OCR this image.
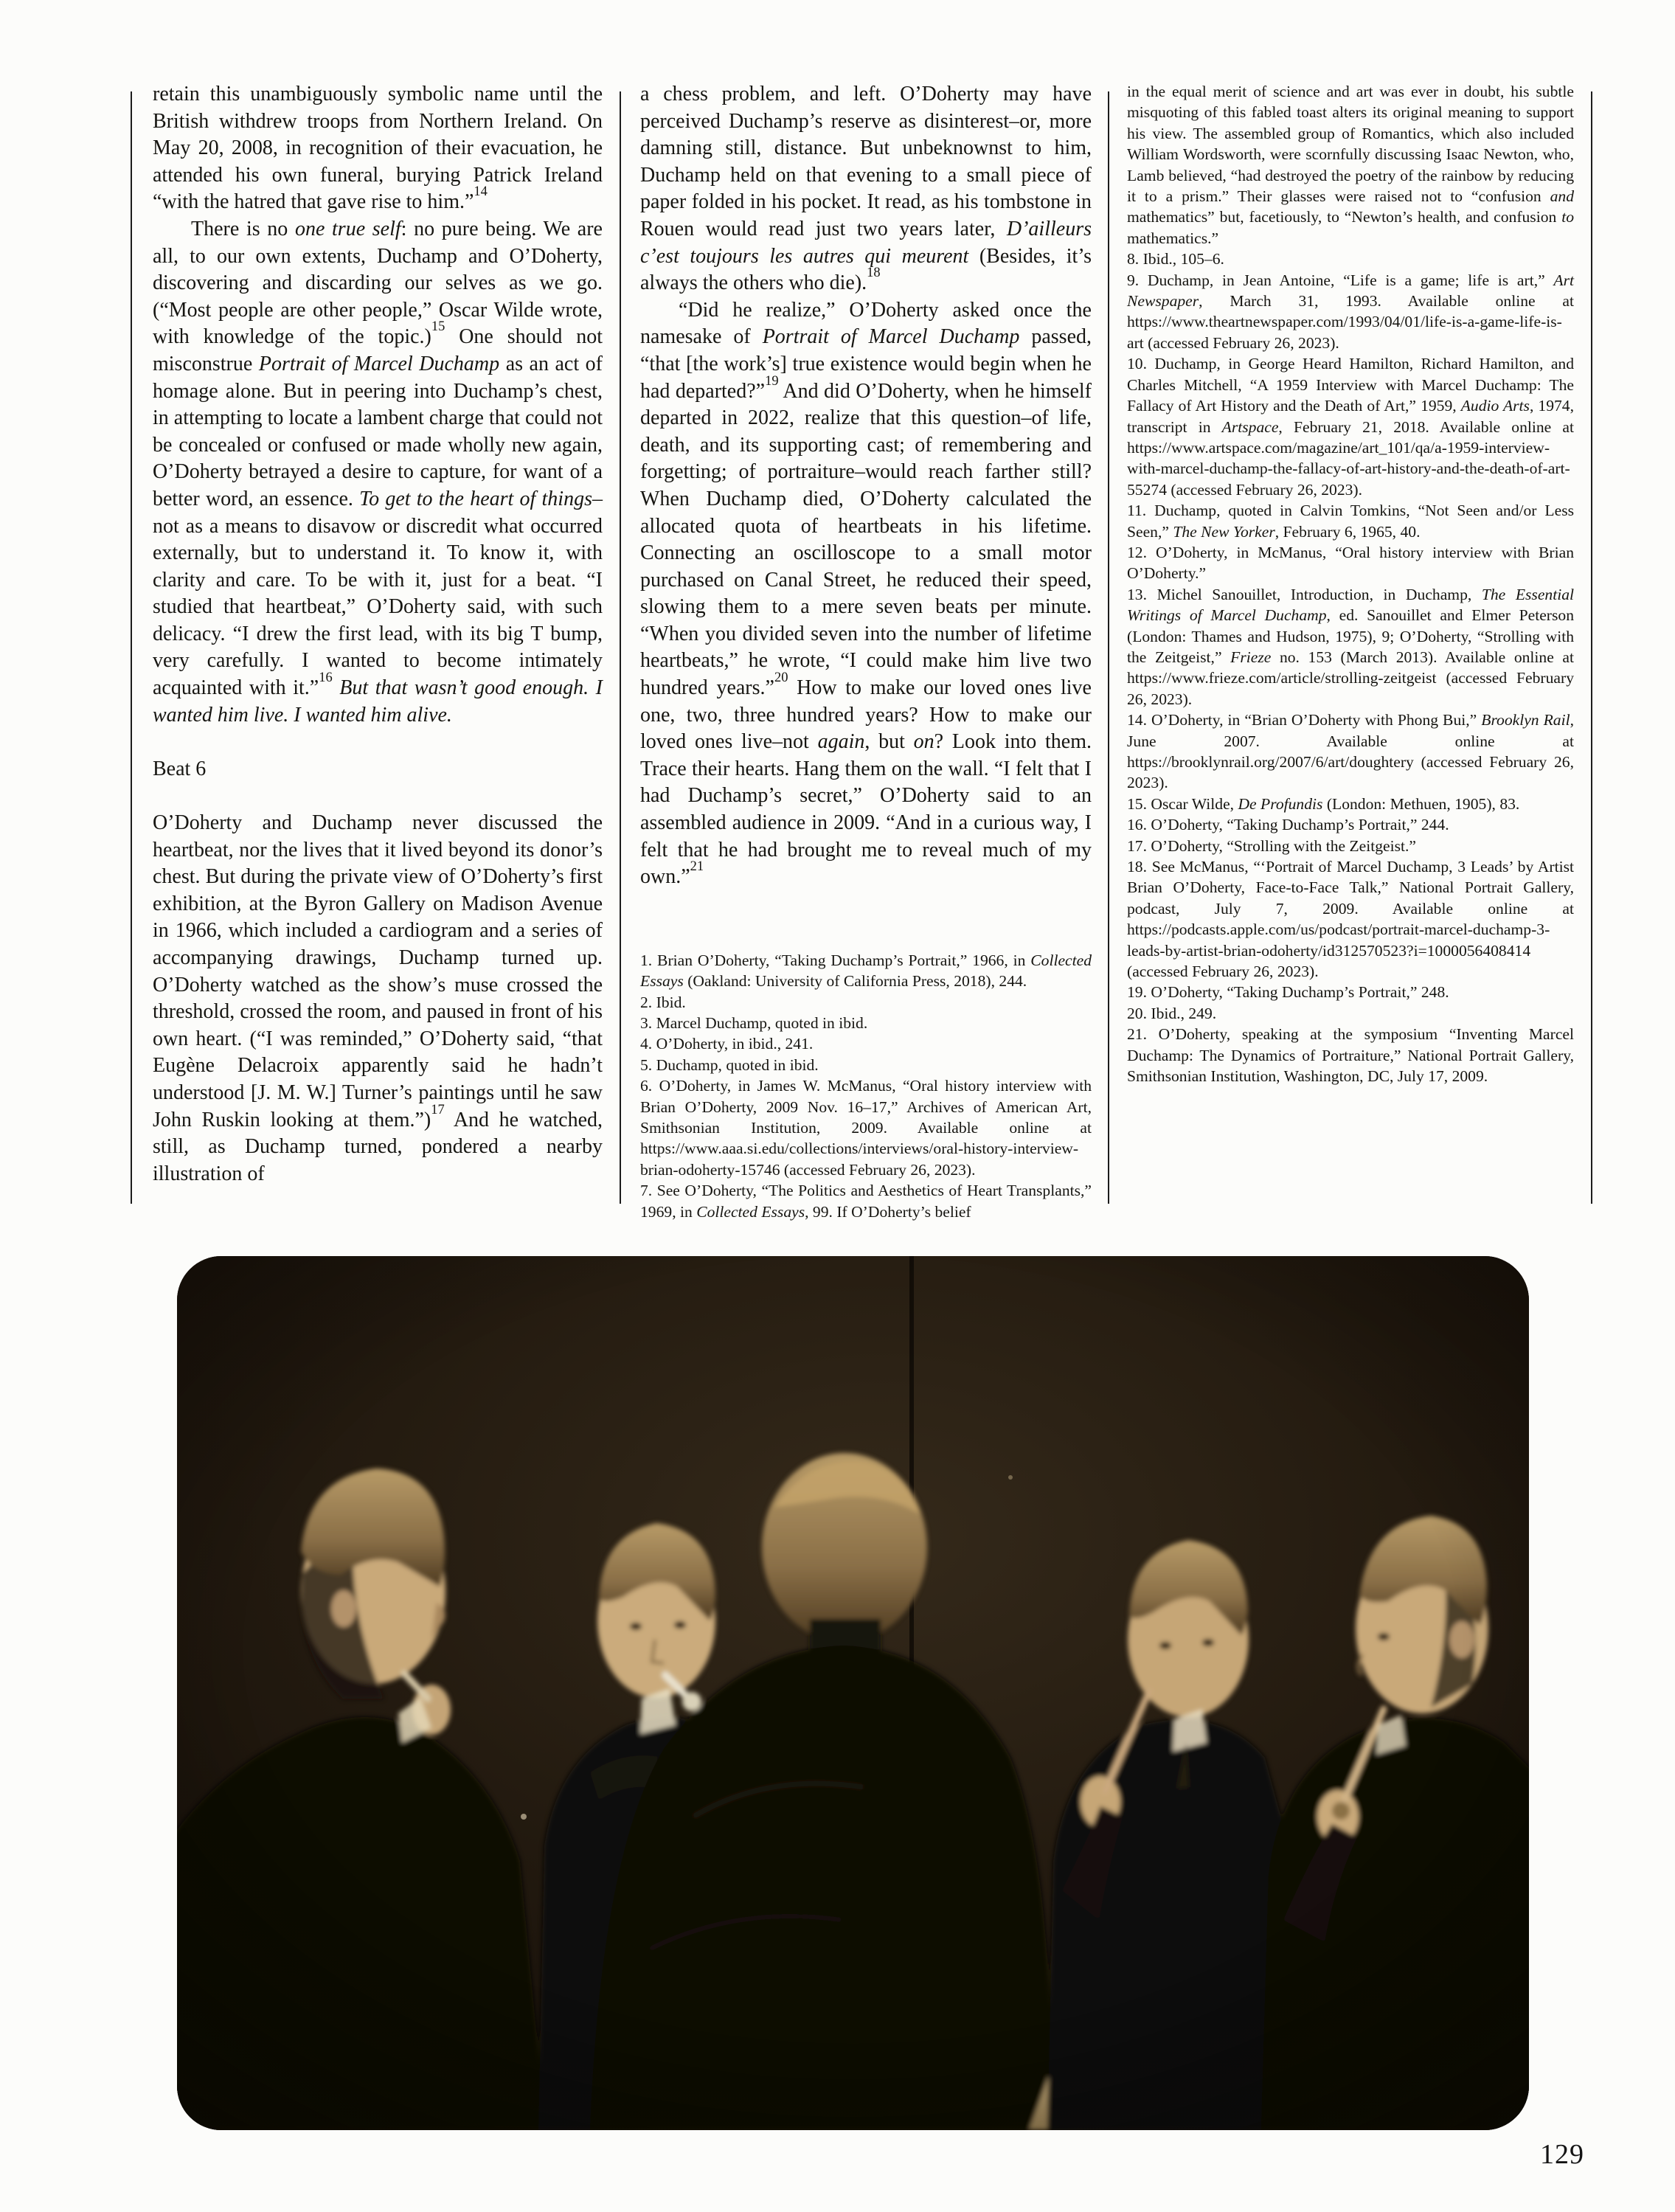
retain this unambiguously symbolic name until the British withdrew troops from Northern Ireland. On May 20, 2008, in recognition of their evacuation, he attended his own funeral, burying Patrick Ireland “with the hatred that gave rise to him.”$^{14}$

There is no one true self: no pure being. We are all, to our own extents, Duchamp and O’Doherty, discovering and discarding our selves as we go. (“Most people are other people,” Oscar Wilde wrote, with knowledge of the topic.)$^{15}$ One should not misconstrue Portrait of Marcel Duchamp as an act of homage alone. But in peering into Duchamp’s chest, in attempting to locate a lambent charge that could not be concealed or confused or made wholly new again, O’Doherty betrayed a desire to capture, for want of a better word, an essence. To get to the heart of things–not as a means to disavow or discredit what occurred externally, but to understand it. To know it, with clarity and care. To be with it, just for a beat. “I studied that heartbeat,” O’Doherty said, with such delicacy. “I drew the first lead, with its big T bump, very carefully. I wanted to become intimately acquainted with it.”$^{16}$ But that wasn’t good enough. I wanted him live. I wanted him alive.

Beat 6

O’Doherty and Duchamp never discussed the heartbeat, nor the lives that it lived beyond its donor’s chest. But during the private view of O’Doherty’s first exhibition, at the Byron Gallery on Madison Avenue in 1966, which included a cardiogram and a series of accompanying drawings, Duchamp turned up. O’Doherty watched as the show’s muse crossed the threshold, crossed the room, and paused in front of his own heart. (“I was reminded,” O’Doherty said, “that Eugène Delacroix apparently said he hadn’t understood [J. M. W.] Turner’s paintings until he saw John Ruskin looking at them.”)$^{17}$ And he watched, still, as Duchamp turned, pondered a nearby illustration of

a chess problem, and left. O’Doherty may have perceived Duchamp’s reserve as disinterest–or, more damning still, distance. But unbeknownst to him, Duchamp held on that evening to a small piece of paper folded in his pocket. It read, as his tombstone in Rouen would read just two years later, D’ailleurs c’est toujours les autres qui meurent (Besides, it’s always the others who die).$^{18}$

“Did he realize,” O’Doherty asked once the namesake of Portrait of Marcel Duchamp passed, “that [the work’s] true existence would begin when he had departed?”$^{19}$ And did O’Doherty, when he himself departed in 2022, realize that this question–of life, death, and its supporting cast; of remembering and forgetting; of portraiture–would reach farther still? When Duchamp died, O’Doherty calculated the allocated quota of heartbeats in his lifetime. Connecting an oscilloscope to a small motor purchased on Canal Street, he reduced their speed, slowing them to a mere seven beats per minute. “When you divided seven into the number of lifetime heartbeats,” he wrote, “I could make him live two hundred years.”$^{20}$ How to make our loved ones live one, two, three hundred years? How to make our loved ones live–not again, but on? Look into them. Trace their hearts. Hang them on the wall. “I felt that I had Duchamp’s secret,” O’Doherty said to an assembled audience in 2009. “And in a curious way, I felt that he had brought me to reveal much of my own.”$^{21}$

1. Brian O’Doherty, “Taking Duchamp’s Portrait,” 1966, in Collected Essays (Oakland: University of California Press, 2018), 244.

2. Ibid.

3. Marcel Duchamp, quoted in ibid.

4. O’Doherty, in ibid., 241.

5. Duchamp, quoted in ibid.

6. O’Doherty, in James W. McManus, “Oral history interview with Brian O’Doherty, 2009 Nov. 16–17,” Archives of American Art, Smithsonian Institution, 2009. Available online at https://www.aaa.si.edu/collections/interviews/oral-history-interview-brian-odoherty-15746 (accessed February 26, 2023).

7. See O’Doherty, “The Politics and Aesthetics of Heart Transplants,” 1969, in Collected Essays, 99. If O’Doherty’s belief

in the equal merit of science and art was ever in doubt, his subtle misquoting of this fabled toast alters its original meaning to support his view. The assembled group of Romantics, which also included William Wordsworth, were scornfully discussing Isaac Newton, who, Lamb believed, “had destroyed the poetry of the rainbow by reducing it to a prism.” Their glasses were raised not to “confusion and mathematics” but, facetiously, to “Newton’s health, and confusion to mathematics.”

8. Ibid., 105–6.

9. Duchamp, in Jean Antoine, “Life is a game; life is art,” Art Newspaper, March 31, 1993. Available online at https://www.theartnewspaper.com/1993/04/01/life-is-a-game-life-is-art (accessed February 26, 2023).

10. Duchamp, in George Heard Hamilton, Richard Hamilton, and Charles Mitchell, “A 1959 Interview with Marcel Duchamp: The Fallacy of Art History and the Death of Art,” 1959, Audio Arts, 1974, transcript in Artspace, February 21, 2018. Available online at https://www.artspace.com/magazine/art_101/qa/a-1959-interview-with-marcel-duchamp-the-fallacy-of-art-history-and-the-death-of-art-55274 (accessed February 26, 2023).

11. Duchamp, quoted in Calvin Tomkins, “Not Seen and/or Less Seen,” The New Yorker, February 6, 1965, 40.

12. O’Doherty, in McManus, “Oral history interview with Brian O’Doherty.”

13. Michel Sanouillet, Introduction, in Duchamp, The Essential Writings of Marcel Duchamp, ed. Sanouillet and Elmer Peterson (London: Thames and Hudson, 1975), 9; O’Doherty, “Strolling with the Zeitgeist,” Frieze no. 153 (March 2013). Available online at https://www.frieze.com/article/strolling-zeitgeist (accessed February 26, 2023).

14. O’Doherty, in “Brian O’Doherty with Phong Bui,” Brooklyn Rail, June 2007. Available online at https://brooklynrail.org/2007/6/art/doughtery (accessed February 26, 2023).

15. Oscar Wilde, De Profundis (London: Methuen, 1905), 83.

16. O’Doherty, “Taking Duchamp’s Portrait,” 244.

17. O’Doherty, “Strolling with the Zeitgeist.”

18. See McManus, “‘Portrait of Marcel Duchamp, 3 Leads’ by Artist Brian O’Doherty, Face-to-Face Talk,” National Portrait Gallery, podcast, July 7, 2009. Available online at https://podcasts.apple.com/us/podcast/portrait-marcel-duchamp-3-leads-by-artist-brian-odoherty/id312570523?i=1000056408414 (accessed February 26, 2023).

19. O’Doherty, “Taking Duchamp’s Portrait,” 248.

20. Ibid., 249.

21. O’Doherty, speaking at the symposium “Inventing Marcel Duchamp: The Dynamics of Portraiture,” National Portrait Gallery, Smithsonian Institution, Washington, DC, July 17, 2009.

129
